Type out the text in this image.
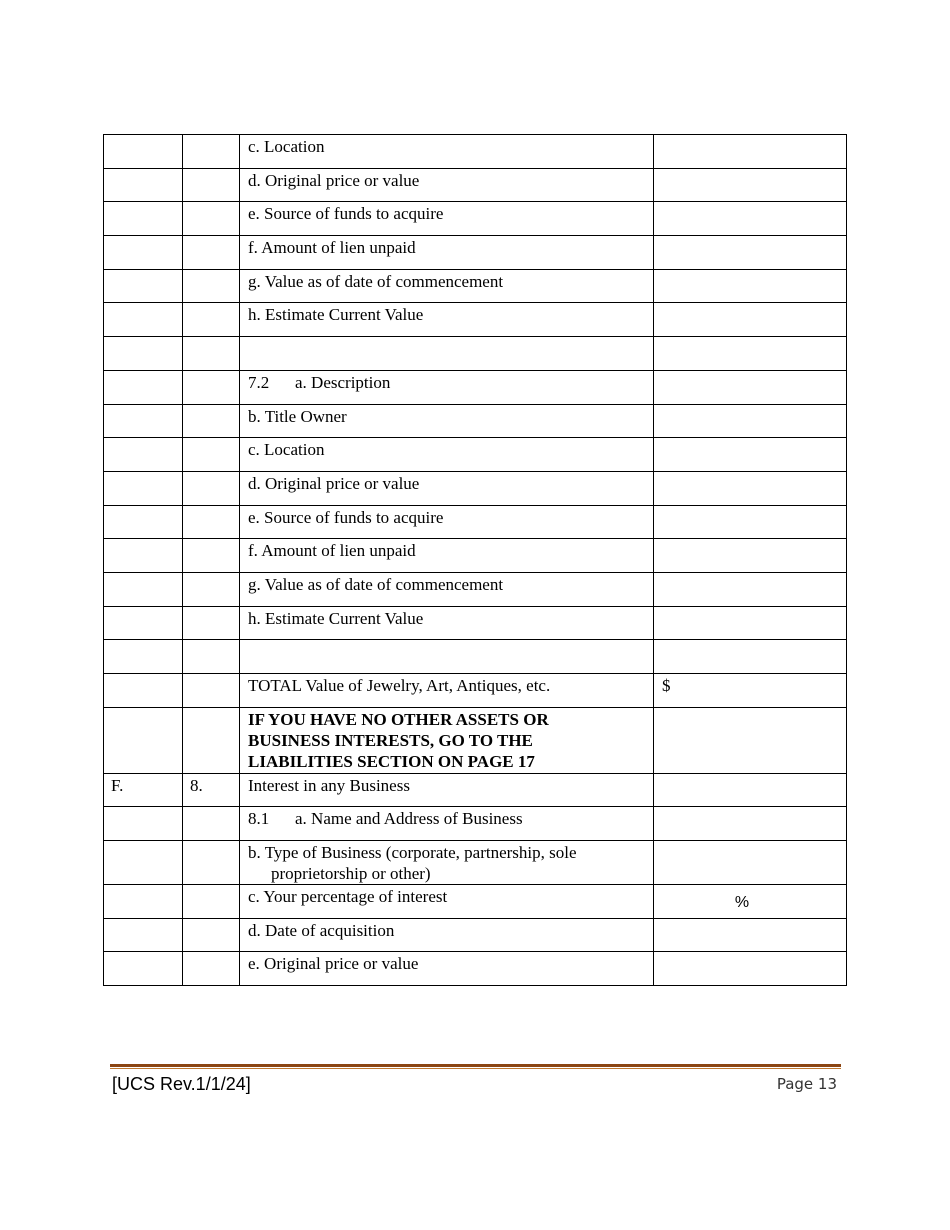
		c. Location	
		d. Original price or value	
		e. Source of funds to acquire	
		f. Amount of lien unpaid	
		g. Value as of date of commencement	
		h. Estimate Current Value	

		7.2 a. Description	
		b. Title Owner	
		c. Location	
		d. Original price or value	
		e. Source of funds to acquire	
		f. Amount of lien unpaid	
		g. Value as of date of commencement	
		h. Estimate Current Value	

		TOTAL Value of Jewelry, Art, Antiques, etc.	$
		IF YOU HAVE NO OTHER ASSETS OR BUSINESS INTERESTS, GO TO THE LIABILITIES SECTION ON PAGE 17	
F.	8.	Interest in any Business	
		8.1 a. Name and Address of Business	
		b. Type of Business (corporate, partnership, sole proprietorship or other)	
		c. Your percentage of interest	%

		d. Date of acquisition	
		e. Original price or value	
[UCS Rev.1/1/24]	Page 13
